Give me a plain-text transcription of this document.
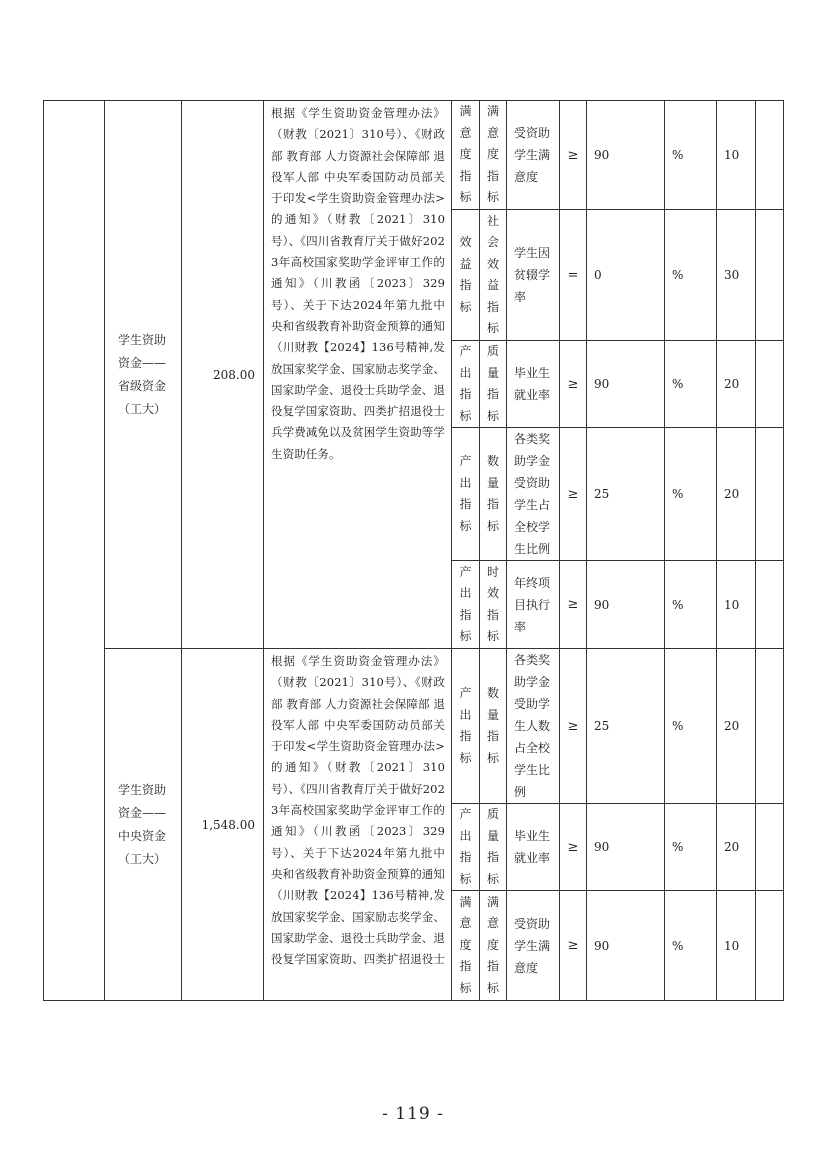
	学生资助资金——省级资金（工大）	208.00	根据《学生资助资金管理办法》（财教〔2021〕310号）、《财政部 教育部 人力资源社会保障部 退役军人部 中央军委国防动员部关于印发<学生资助资金管理办法>的通知》（财教〔2021〕310号）、《四川省教育厅关于做好2023年高校国家奖助学金评审工作的通知》（川教函〔2023〕329号）、关于下达2024年第九批中央和省级教育补助资金预算的通知（川财教【2024】136号精神,发放国家奖学金、国家励志奖学金、国家助学金、退役士兵助学金、退役复学国家资助、四类扩招退役士兵学费减免以及贫困学生资助等学生资助任务。	满意度指标	满意度指标	受资助学生满意度	≥	90	%	10	
				效益指标	社会效益指标	学生因贫辍学率	=	0	%	30	
				产出指标	质量指标	毕业生就业率	≥	90	%	20	
				产出指标	数量指标	各类奖助学金受资助学生占全校学生比例	≥	25	%	20	
				产出指标	时效指标	年终项目执行率	≥	90	%	10	
	学生资助资金——中央资金（工大）	1,548.00	根据《学生资助资金管理办法》（财教〔2021〕310号）、《财政部 教育部 人力资源社会保障部 退役军人部 中央军委国防动员部关于印发<学生资助资金管理办法>的通知》（财教〔2021〕310号）、《四川省教育厅关于做好2023年高校国家奖助学金评审工作的通知》（川教函〔2023〕329号）、关于下达2024年第九批中央和省级教育补助资金预算的通知（川财教【2024】136号精神,发放国家奖学金、国家励志奖学金、国家助学金、退役士兵助学金、退役复学国家资助、四类扩招退役士	产出指标	数量指标	各类奖助学金受助学生人数占全校学生比例	≥	25	%	20	
				产出指标	质量指标	毕业生就业率	≥	90	%	20	
				满意度指标	满意度指标	受资助学生满意度	≥	90	%	10	
- 119 -
